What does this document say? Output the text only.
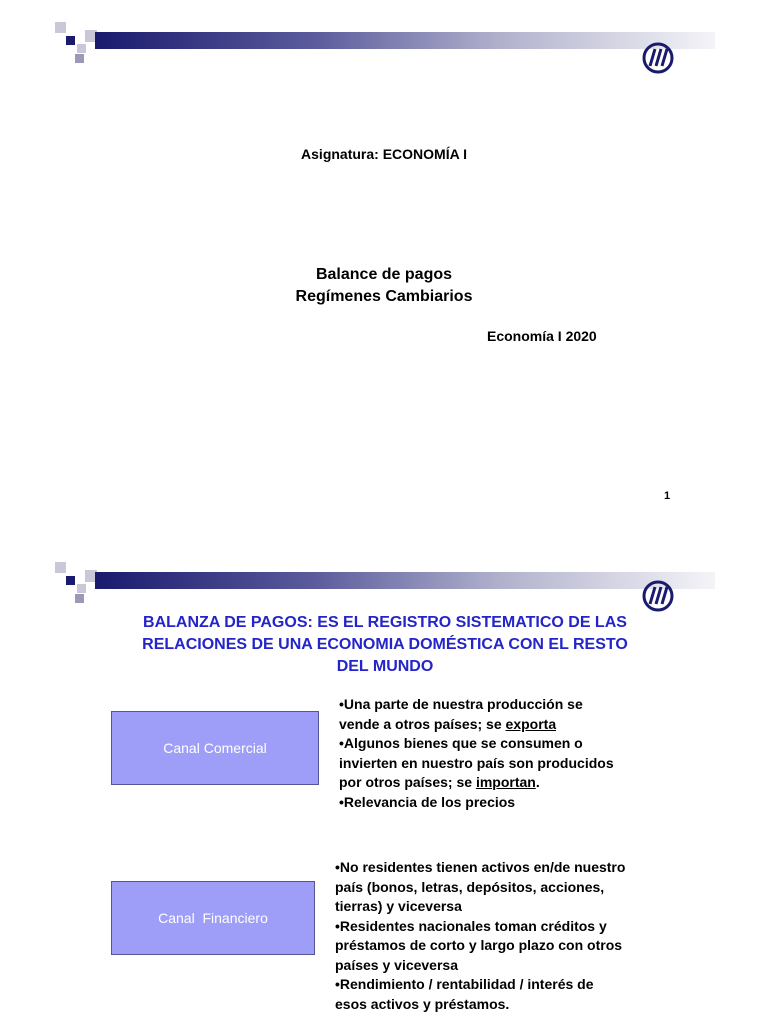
Asignatura: ECONOMÍA I
Balance de pagos
Regímenes Cambiarios
Economía I 2020
1
BALANZA DE PAGOS: ES EL REGISTRO SISTEMATICO DE LAS
RELACIONES DE UNA ECONOMIA DOMÉSTICA CON EL RESTO
DEL MUNDO
Canal Comercial
•Una parte de nuestra producción se
vende a otros países; se exporta
•Algunos bienes que se consumen o
invierten en nuestro país son producidos
por otros países; se importan.
•Relevancia de los precios
Canal  Financiero
•No residentes tienen activos en/de nuestro
país (bonos, letras, depósitos, acciones,
tierras) y viceversa
•Residentes nacionales toman créditos y
préstamos de corto y largo plazo con otros
países y viceversa
•Rendimiento / rentabilidad / interés de
esos activos y préstamos.
